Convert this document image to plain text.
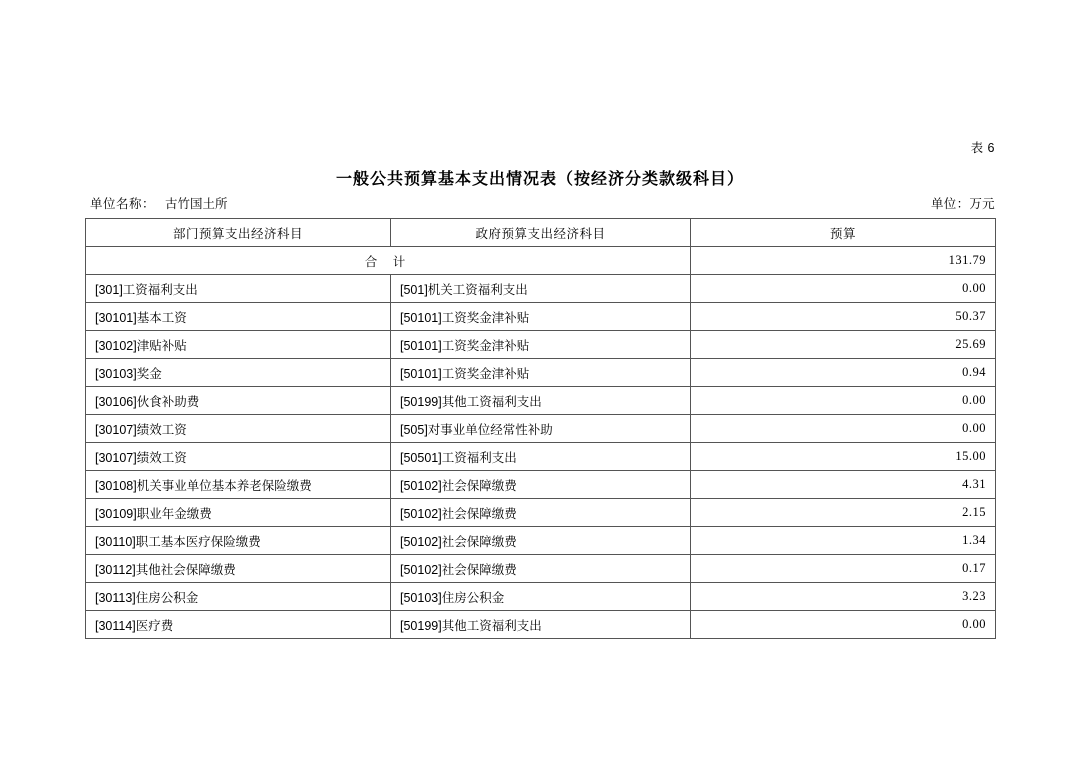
表 6
一般公共预算基本支出情况表（按经济分类款级科目）
单位名称： 古竹国土所	单位：万元
部门预算支出经济科目	政府预算支出经济科目	预算
合 计		131.79
[301]工资福利支出	[501]机关工资福利支出	0.00
[30101]基本工资	[50101]工资奖金津补贴	50.37
[30102]津贴补贴	[50101]工资奖金津补贴	25.69
[30103]奖金	[50101]工资奖金津补贴	0.94
[30106]伙食补助费	[50199]其他工资福利支出	0.00
[30107]绩效工资	[505]对事业单位经常性补助	0.00
[30107]绩效工资	[50501]工资福利支出	15.00
[30108]机关事业单位基本养老保险缴费	[50102]社会保障缴费	4.31
[30109]职业年金缴费	[50102]社会保障缴费	2.15
[30110]职工基本医疗保险缴费	[50102]社会保障缴费	1.34
[30112]其他社会保障缴费	[50102]社会保障缴费	0.17
[30113]住房公积金	[50103]住房公积金	3.23
[30114]医疗费	[50199]其他工资福利支出	0.00
